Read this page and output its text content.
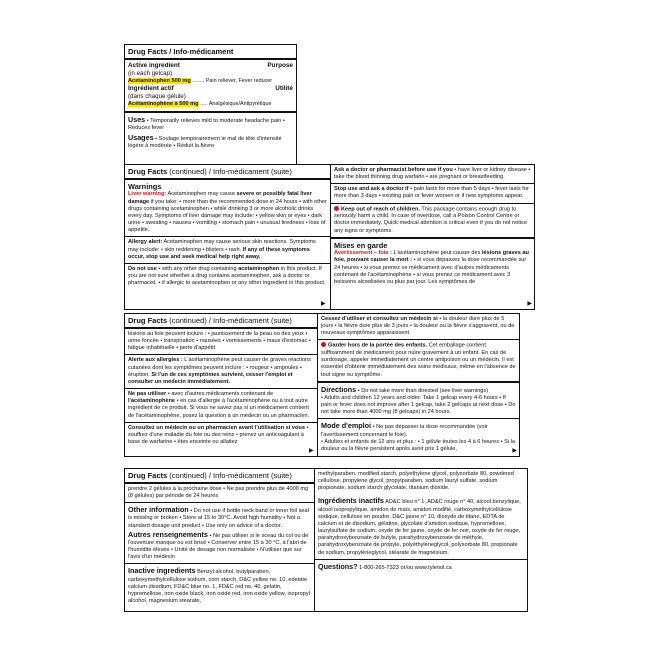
Drug Facts / Info-médicament
Active ingredient	Purpose
(in each gelcap)
Acetaminophen 500 mg ........ Pain reliever, Fever reducer
Ingrédient actif	Utilité
(dans chaque gélule)
Acétaminophène à 500 mg ..... Analgésique/Antipyrétique
Uses • Temporarily relieves mild to moderate headache pain • Reduces fever
Usages • Soulage temporairement le mal de tête d'intensité légère à modérée • Réduit la fièvre
Drug Facts (continued) / Info-médicament (suite)
Warnings
Liver warning: Acetaminophen may cause severe or possibly fatal liver damage if you take: • more than the recommended dose in 24 hours • with other drugs containing acetaminophen • while drinking 3 or more alcoholic drinks every day. Symptoms of liver damage may include: • yellow skin or eyes • dark urine • sweating • nausea • vomiting • stomach pain • unusual tiredness • loss of appetite.
Allergy alert: Acetaminophen may cause serious skin reactions. Symptoms may include: • skin reddening • blisters • rash. If any of these symptoms occur, stop use and seek medical help right away.
Do not use • with any other drug containing acetaminophen in this product. If you are not sure whether a drug contains acetaminophen, ask a doctor or pharmacist. • if allergic to acetaminophen or any other ingredient in this product.
Ask a doctor or pharmacist before use if you • have liver or kidney disease • take the blood thinning drug warfarin • are pregnant or breastfeeding.
Stop use and ask a doctor if • pain lasts for more than 5 days • fever lasts for more than 3 days • existing pain or fever worsen or if new symptoms appear.
Keep out of reach of children. This package contains enough drug to seriously harm a child. In case of overdose, call a Poison Control Centre or doctor immediately. Quick medical attention is critical even if you do not notice any signs or symptoms.
Mises en garde
Avertissement – foie : L'acétaminophène peut causer des lésions graves au foie, pouvant causer la mort : • si vous dépassez la dose recommandée sur 24 heures • si vous prenez ce médicament avec d'autres médicaments contenant de l'acétaminophène • si vous prenez ce médicament avec 3 boissons alcoolisées ou plus par jour. Les symptômes de
▶	▶
Drug Facts (continued) / Info-médicament (suite)
lésions au foie peuvent inclure : • jaunissement de la peau ou des yeux • urine foncée • transpiration • nausées • vomissements • maux d'estomac • fatigue inhabituelle • perte d'appétit
Alerte aux allergies : L'acétaminophène peut causer de graves réactions cutanées dont les symptômes peuvent inclure : • rougeur • ampoules • éruption. Si l'un de ces symptômes survient, cesser l'emploi et consulter un médecin immédiatement.
Ne pas utiliser • avec d'autres médicaments contenant de l'acétaminophène • en cas d'allergie à l'acétaminophène ou à tout autre ingrédient de ce produit. Si vous ne savez pas si un médicament contient de l'acétaminophène, posez la question à un médecin ou un pharmacien.
Consultez un médecin ou un pharmacien avant l'utilisation si vous • souffrez d'une maladie du foie ou des reins • prenez un anticoagulant à base de warfarine • êtes enceinte ou allaitez
Cessez d'utiliser et consultez un médecin si • la douleur dure plus de 5 jours • la fièvre dure plus de 3 jours • la douleur ou la fièvre s'aggravent, ou de nouveaux symptômes apparaissent
Garder hors de la portée des enfants. Cet emballage contient suffisamment de médicament pour nuire gravement à un enfant. En cas de surdosage, appeler immédiatement un centre antipoison ou un médecin. Il est essentiel d'obtenir immédiatement des soins médicaux, même en l'absence de tout signe ou symptôme.
Directions • Do not take more than directed (see liver warnings)
• Adults and children 12 years and older: Take 1 gelcap every 4-6 hours • If pain or fever does not improve after 1 gelcap, take 2 gelcaps at next dose • Do not take more than 4000 mg (8 gelcaps) in 24 hours.
Mode d'emploi • Ne pas dépasser la dose recommandée (voir l'avertissement concernant le foie).
• Adultes et enfants de 12 ans et plus : • 1 gélule toutes les 4 à 6 heures • Si la douleur ou la fièvre persistent après avoir pris 1 gélule,
▶	▶
Drug Facts (continued) / Info-médicament (suite)
prendre 2 gélules à la prochaine dose • Ne pas prendre plus de 4000 mg (8 gélules) par période de 24 heures
Other information • Do not use if bottle neck band or inner foil seal is missing or broken • Store at 15 to 30°C. Avoid high humidity • Not a standard dosage unit product • Use only on advice of a doctor.
Autres renseignements • Ne pas utiliser si le sceau du col ou de l'ouverture manque ou est brisé • Conserver entre 15 à 30 °C, à l'abri de l'humidité élevée • Unité de dosage non normalisée • N'utiliser que sur l'avis d'un médecin
Inactive ingredients Benzyl alcohol, butylparaben, carboxymethylcellulose sodium, corn starch, D&C yellow no. 10, edetate calcium disodium, FD&C blue no. 1, FD&C red no. 40, gelatin, hypromellose, iron oxide black, iron oxide red, iron oxide yellow, isopropyl alcohol, magnesium stearate,
methylparaben, modified starch, polyethylene glycol, polysorbate 80, powdered cellulose, propylene glycol, propylparaben, sodium lauryl sulfate, sodium propionate, sodium starch glycolate, titanium dioxide.
Ingrédients inactifs AD&C bleu n° 1, AD&C rouge n° 40, alcool benzylique, alcool isopropylique, amidon de maïs, amidon modifié, carboxyméthylcellulose sodique, cellulose en poudre, D&C jaune n° 10, dioxyde de titane, EDTA de calcium et de disodium, gélatine, glycolate d'amidon sodique, hypromellose, laurylsulfate de sodium, oxyde de fer jaune, oxyde de fer noir, oxyde de fer rouge, parahydroxybenzoate de butyle, parahydroxybenzoate de méthyle, parahydroxybenzoate de propyle, polyéthylèneglycol, polysorbate 80, propionate de sodium, propylèneglycol, stéarate de magnésium.
Questions? 1-800-265-7323 or/ou www.tylenol.ca
